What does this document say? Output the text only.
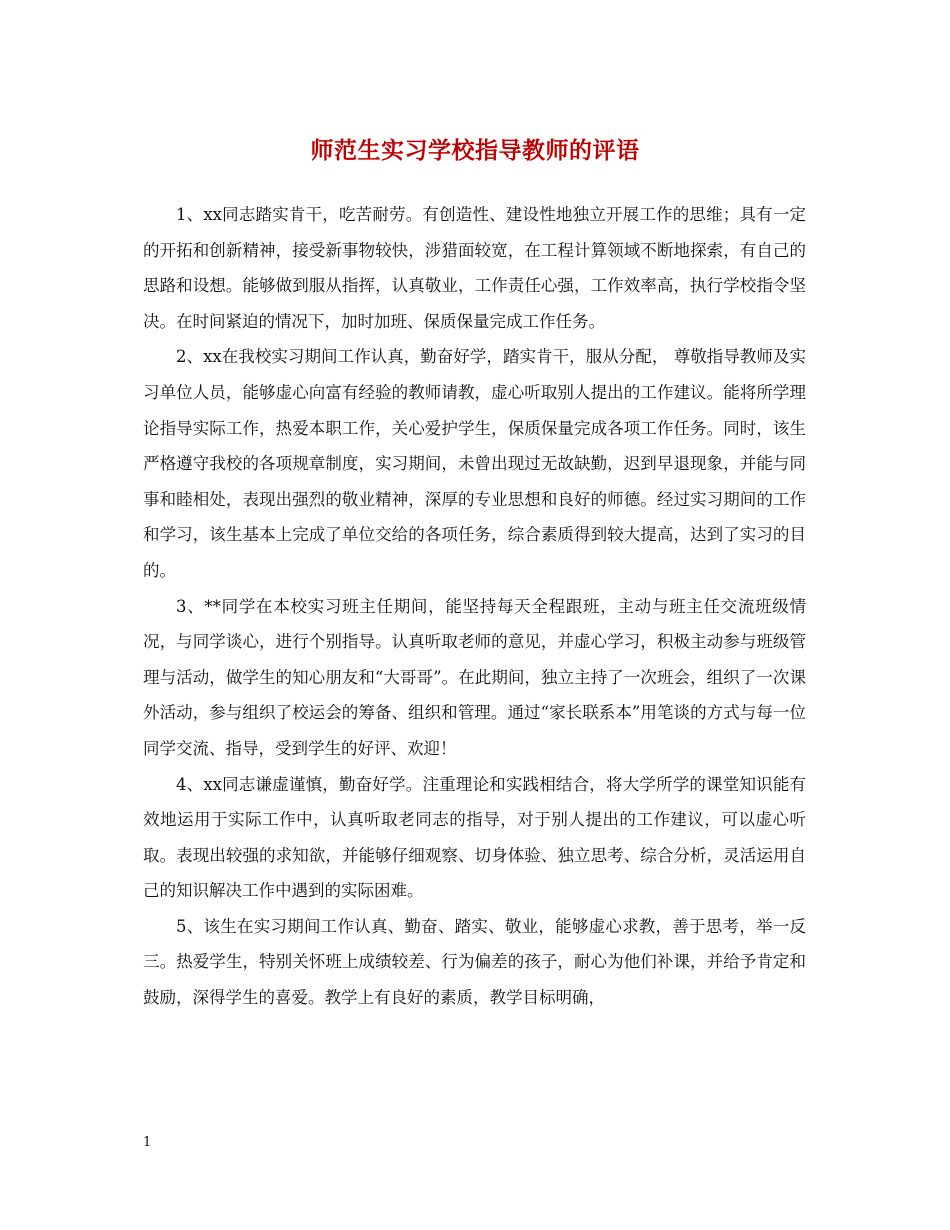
师范生实习学校指导教师的评语

1、xx同志踏实肯干，吃苦耐劳。有创造性、建设性地独立开展工作的思维；具有一定的开拓和创新精神，接受新事物较快，涉猎面较宽，在工程计算领域不断地探索，有自己的思路和设想。能够做到服从指挥，认真敬业，工作责任心强，工作效率高，执行学校指令坚决。在时间紧迫的情况下，加时加班、保质保量完成工作任务。

2、xx在我校实习期间工作认真，勤奋好学，踏实肯干，服从分配， 尊敬指导教师及实习单位人员，能够虚心向富有经验的教师请教，虚心听取别人提出的工作建议。能将所学理论指导实际工作，热爱本职工作，关心爱护学生，保质保量完成各项工作任务。同时，该生严格遵守我校的各项规章制度，实习期间，未曾出现过无故缺勤，迟到早退现象，并能与同事和睦相处，表现出强烈的敬业精神，深厚的专业思想和良好的师德。经过实习期间的工作和学习，该生基本上完成了单位交给的各项任务，综合素质得到较大提高，达到了实习的目的。

3、**同学在本校实习班主任期间，能坚持每天全程跟班，主动与班主任交流班级情况，与同学谈心，进行个别指导。认真听取老师的意见，并虚心学习，积极主动参与班级管理与活动，做学生的知心朋友和“大哥哥”。在此期间，独立主持了一次班会，组织了一次课外活动，参与组织了校运会的筹备、组织和管理。通过“家长联系本”用笔谈的方式与每一位同学交流、指导，受到学生的好评、欢迎！

4、xx同志谦虚谨慎，勤奋好学。注重理论和实践相结合，将大学所学的课堂知识能有效地运用于实际工作中，认真听取老同志的指导，对于别人提出的工作建议，可以虚心听取。表现出较强的求知欲，并能够仔细观察、切身体验、独立思考、综合分析，灵活运用自己的知识解决工作中遇到的实际困难。

5、该生在实习期间工作认真、勤奋、踏实、敬业，能够虚心求教，善于思考，举一反三。热爱学生，特别关怀班上成绩较差、行为偏差的孩子，耐心为他们补课，并给予肯定和鼓励，深得学生的喜爱。教学上有良好的素质，教学目标明确，

1
